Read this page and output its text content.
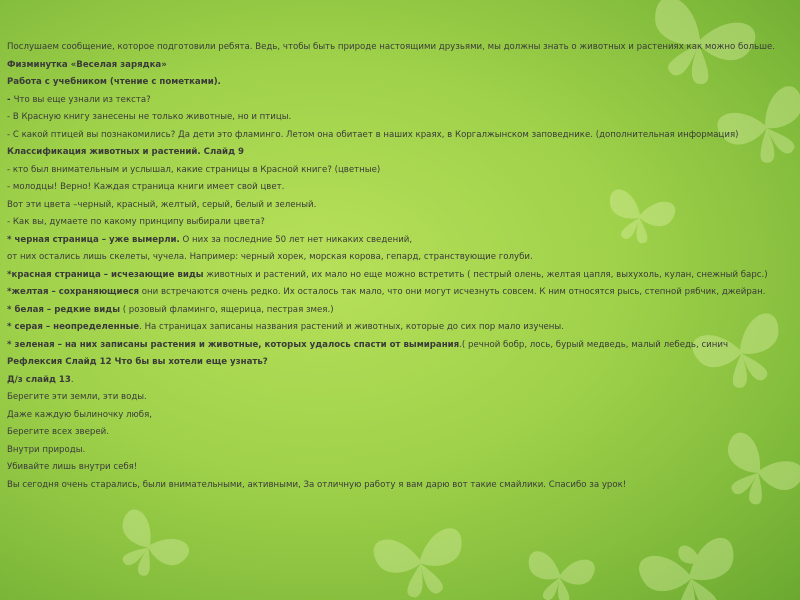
Послушаем сообщение, которое подготовили ребята. Ведь, чтобы быть природе настоящими друзьями, мы должны знать о животных и растениях как можно больше.

Физминутка «Веселая зарядка»

Работа с учебником (чтение с пометками).

- Что вы еще узнали из текста?

- В Красную книгу занесены не только животные, но и птицы.

- С какой птицей вы познакомились? Да дети это фламинго. Летом она обитает в наших краях, в Коргалжынском заповеднике. (дополнительная информация)

Классификация животных и растений. Слайд 9

- кто был внимательным и услышал, какие страницы в Красной книге? (цветные)

- молодцы! Верно! Каждая страница книги имеет свой цвет.

Вот эти цвета –черный, красный, желтый, серый, белый и зеленый.

- Как вы, думаете по какому принципу выбирали цвета?

* черная страница – уже вымерли. О них за последние 50 лет нет никаких сведений,

от них остались лишь скелеты, чучела. Например: черный хорек, морская корова, гепард, странствующие голуби.

*красная страница – исчезающие виды животных и растений, их мало но еще можно встретить ( пестрый олень, желтая цапля, выхухоль, кулан, снежный барс.)

*желтая – сохраняющиеся они встречаются очень редко. Их осталось так мало, что они могут исчезнуть совсем. К ним относятся рысь, степной рябчик, джейран.

* белая – редкие виды ( розовый фламинго, ящерица, пестрая змея.)

* серая – неопределенные. На страницах записаны названия растений и животных, которые до сих пор мало изучены.

* зеленая – на них записаны растения и животные, которых удалось спасти от вымирания.( речной бобр, лось, бурый медведь, малый лебедь, синич

Рефлексия Слайд 12 Что бы вы хотели еще узнать?

Д/з слайд 13.

Берегите эти земли, эти воды.

Даже каждую былиночку любя,

Берегите всех зверей.

Внутри природы.

Убивайте лишь внутри себя!

Вы сегодня очень старались, были внимательными, активными, За отличную работу я вам дарю вот такие смайлики. Спасибо за урок!
